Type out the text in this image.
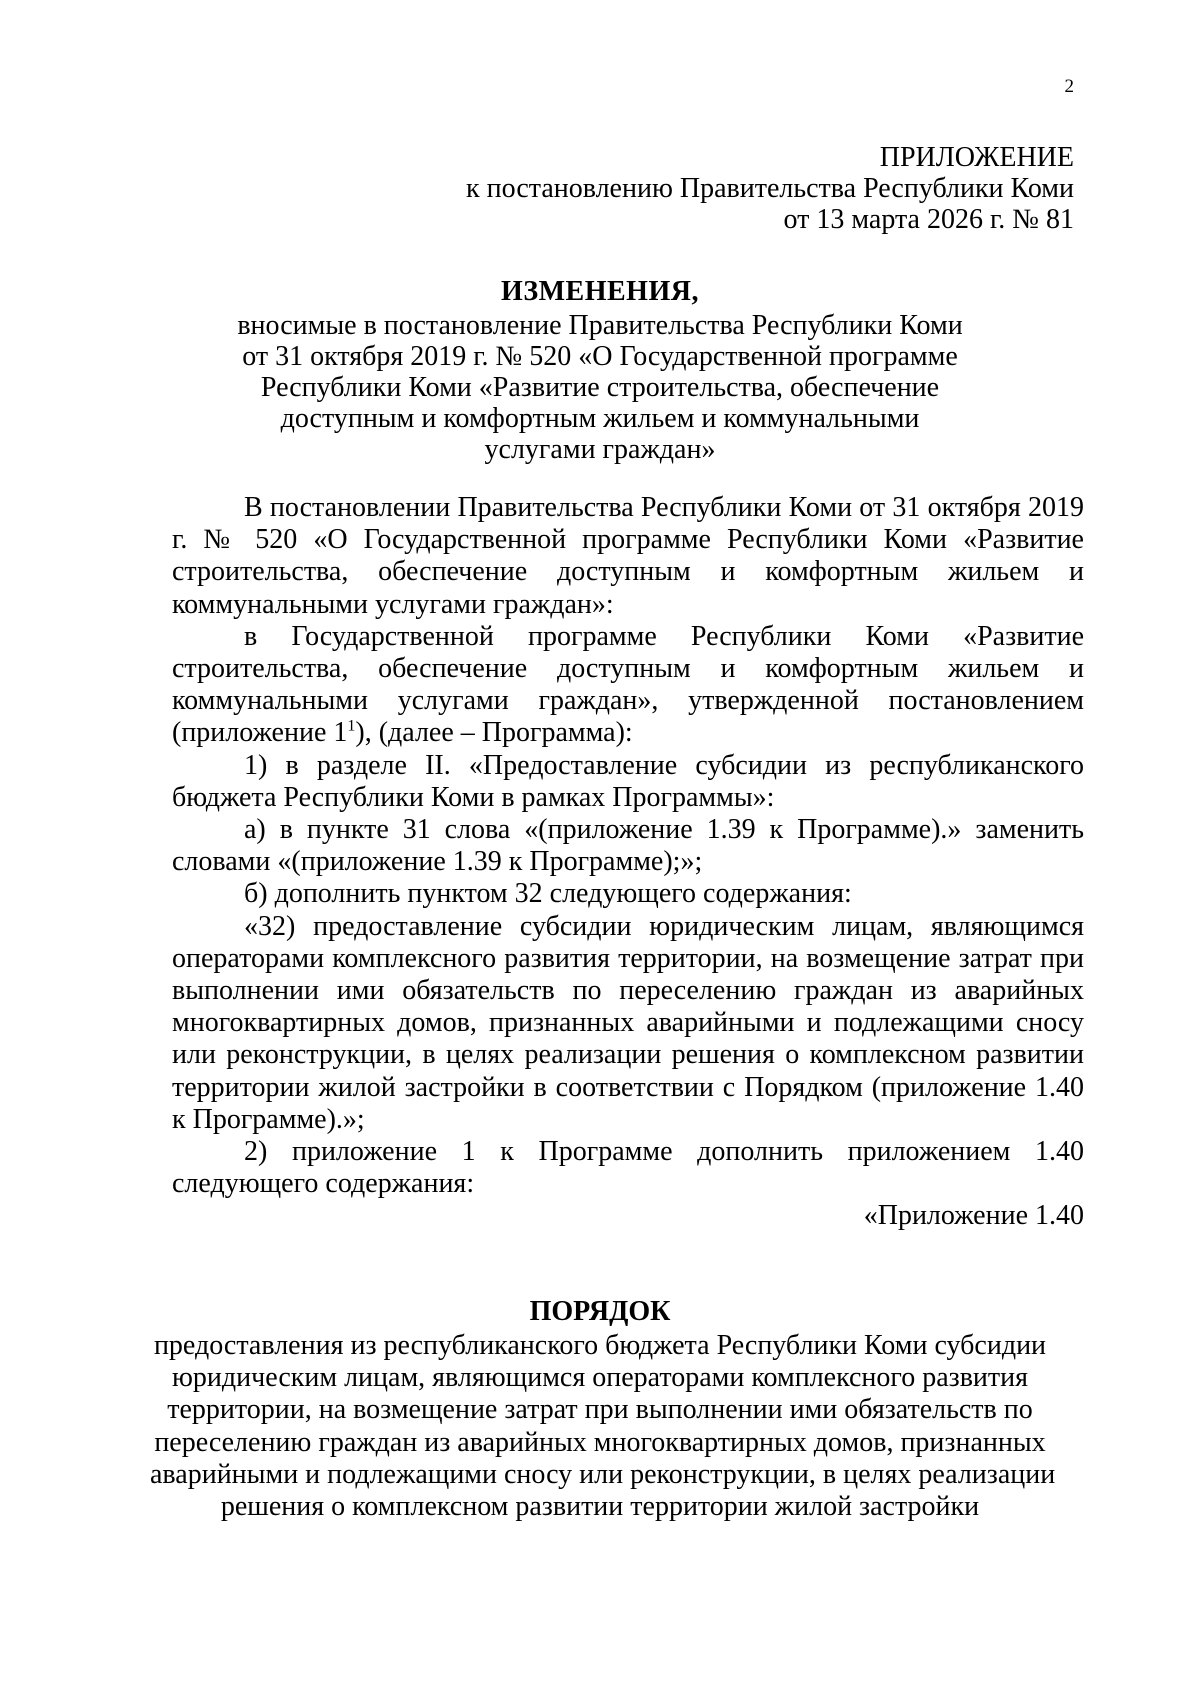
2
ПРИЛОЖЕНИЕ
к постановлению Правительства Республики Коми
от 13 марта 2026 г. № 81
ИЗМЕНЕНИЯ,
вносимые в постановление Правительства Республики Коми
от 31 октября 2019 г. № 520 «О Государственной программе
Республики Коми «Развитие строительства, обеспечение
доступным и комфортным жильем и коммунальными
услугами граждан»

В постановлении Правительства Республики Коми от 31 октября 2019 г. № 520 «О Государственной программе Республики Коми «Развитие строительства, обеспечение доступным и комфортным жильем и коммунальными услугами граждан»:

в Государственной программе Республики Коми «Развитие строительства, обеспечение доступным и комфортным жильем и коммунальными услугами граждан», утвержденной постановлением (приложение $1^1$), (далее – Программа):

1) в разделе II. «Предоставление субсидии из республиканского бюджета Республики Коми в рамках Программы»:

а) в пункте 31 слова «(приложение 1.39 к Программе).» заменить словами «(приложение 1.39 к Программе);»;

б) дополнить пунктом 32 следующего содержания:

«32) предоставление субсидии юридическим лицам, являющимся операторами комплексного развития территории, на возмещение затрат при выполнении ими обязательств по переселению граждан из аварийных многоквартирных домов, признанных аварийными и подлежащими сносу или реконструкции, в целях реализации решения о комплексном развитии территории жилой застройки в соответствии с Порядком (приложение 1.40 к Программе).»;

2) приложение 1 к Программе дополнить приложением 1.40 следующего содержания:

«Приложение 1.40

ПОРЯДОК
предоставления из республиканского бюджета Республики Коми субсидии
юридическим лицам, являющимся операторами комплексного развития
территории, на возмещение затрат при выполнении ими обязательств по
переселению граждан из аварийных многоквартирных домов, признанных
аварийными и подлежащими сносу или реконструкции, в целях реализации
решения о комплексном развитии территории жилой застройки
